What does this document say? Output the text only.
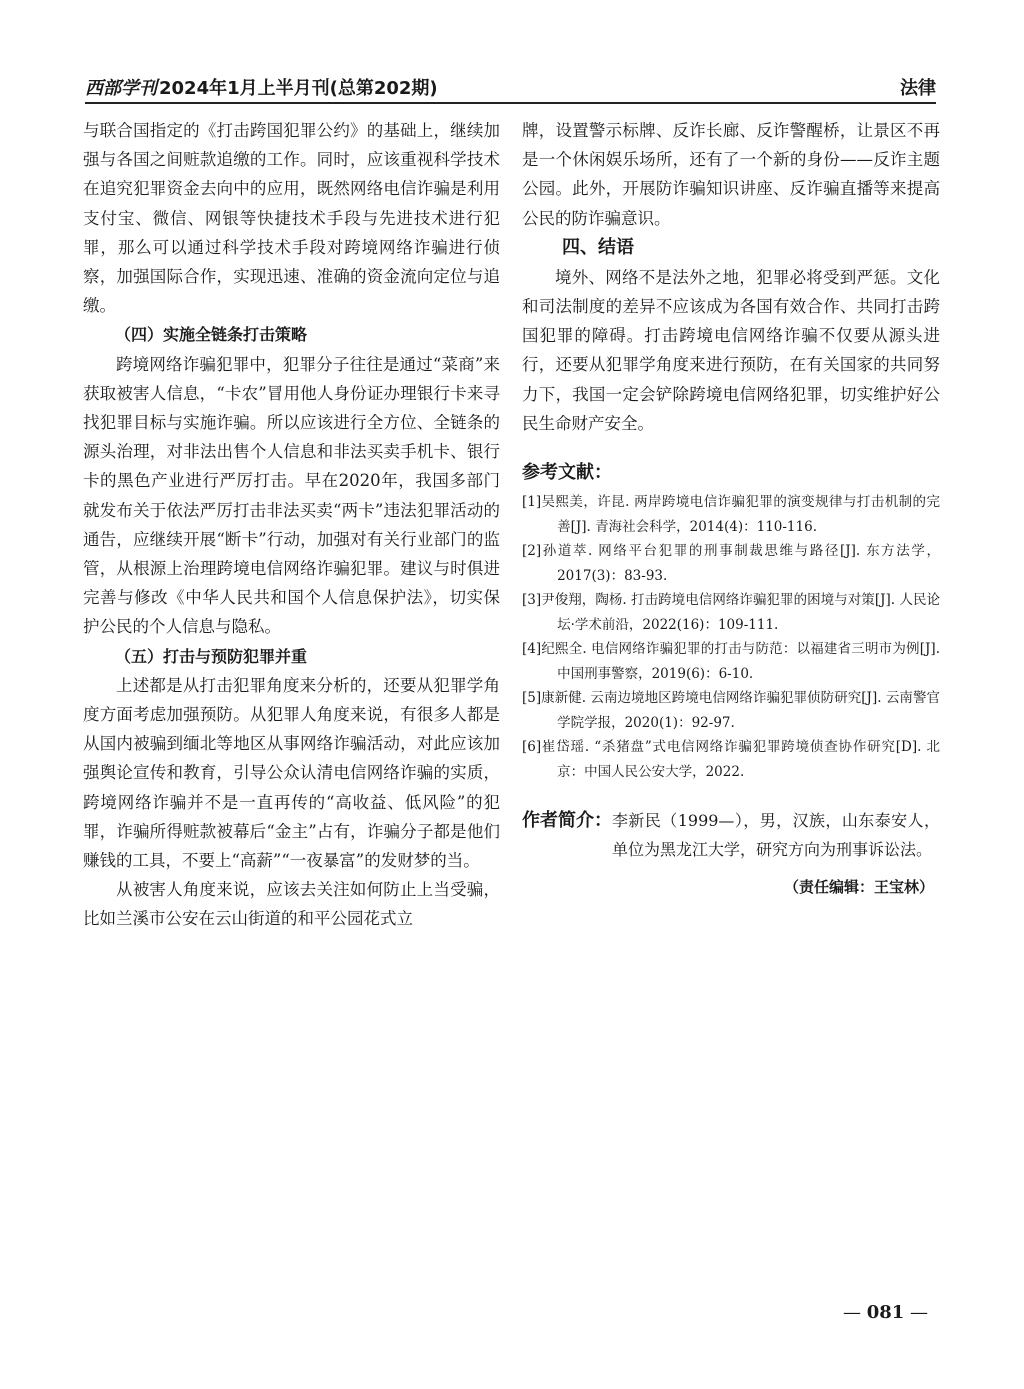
西部学刊 2024年1月上半月刊(总第202期)	法律

与联合国指定的《打击跨国犯罪公约》的基础上，继续加强与各国之间赃款追缴的工作。同时，应该重视科学技术在追究犯罪资金去向中的应用，既然网络电信诈骗是利用支付宝、微信、网银等快捷技术手段与先进技术进行犯罪，那么可以通过科学技术手段对跨境网络诈骗进行侦察，加强国际合作，实现迅速、准确的资金流向定位与追缴。

（四）实施全链条打击策略

跨境网络诈骗犯罪中，犯罪分子往往是通过“菜商”来获取被害人信息，“卡农”冒用他人身份证办理银行卡来寻找犯罪目标与实施诈骗。所以应该进行全方位、全链条的源头治理，对非法出售个人信息和非法买卖手机卡、银行卡的黑色产业进行严厉打击。早在2020年，我国多部门就发布关于依法严厉打击非法买卖“两卡”违法犯罪活动的通告，应继续开展“断卡”行动，加强对有关行业部门的监管，从根源上治理跨境电信网络诈骗犯罪。建议与时俱进完善与修改《中华人民共和国个人信息保护法》，切实保护公民的个人信息与隐私。

（五）打击与预防犯罪并重

上述都是从打击犯罪角度来分析的，还要从犯罪学角度方面考虑加强预防。从犯罪人角度来说，有很多人都是从国内被骗到缅北等地区从事网络诈骗活动，对此应该加强舆论宣传和教育，引导公众认清电信网络诈骗的实质，跨境网络诈骗并不是一直再传的“高收益、低风险”的犯罪，诈骗所得赃款被幕后“金主”占有，诈骗分子都是他们赚钱的工具，不要上“高薪”“一夜暴富”的发财梦的当。

从被害人角度来说，应该去关注如何防止上当受骗，比如兰溪市公安在云山街道的和平公园花式立

牌，设置警示标牌、反诈长廊、反诈警醒桥，让景区不再是一个休闲娱乐场所，还有了一个新的身份——反诈主题公园。此外，开展防诈骗知识讲座、反诈骗直播等来提高公民的防诈骗意识。

四、结语

境外、网络不是法外之地，犯罪必将受到严惩。文化和司法制度的差异不应该成为各国有效合作、共同打击跨国犯罪的障碍。打击跨境电信网络诈骗不仅要从源头进行，还要从犯罪学角度来进行预防，在有关国家的共同努力下，我国一定会铲除跨境电信网络犯罪，切实维护好公民生命财产安全。

参考文献：
[1]吴熙美，许昆. 两岸跨境电信诈骗犯罪的演变规律与打击机制的完善[J]. 青海社会科学，2014(4)：110-116.
[2]孙道萃. 网络平台犯罪的刑事制裁思维与路径[J]. 东方法学，2017(3)：83-93.
[3]尹俊翔，陶杨. 打击跨境电信网络诈骗犯罪的困境与对策[J]. 人民论坛·学术前沿，2022(16)：109-111.
[4]纪熙全. 电信网络诈骗犯罪的打击与防范：以福建省三明市为例[J]. 中国刑事警察，2019(6)：6-10.
[5]康新健. 云南边境地区跨境电信网络诈骗犯罪侦防研究[J]. 云南警官学院学报，2020(1)：92-97.
[6]崔岱瑶. “杀猪盘”式电信网络诈骗犯罪跨境侦查协作研究[D]. 北京：中国人民公安大学，2022.
作者简介： 李新民（1999—），男，汉族，山东泰安人，单位为黑龙江大学，研究方向为刑事诉讼法。
（责任编辑：王宝林）
— 081 —
